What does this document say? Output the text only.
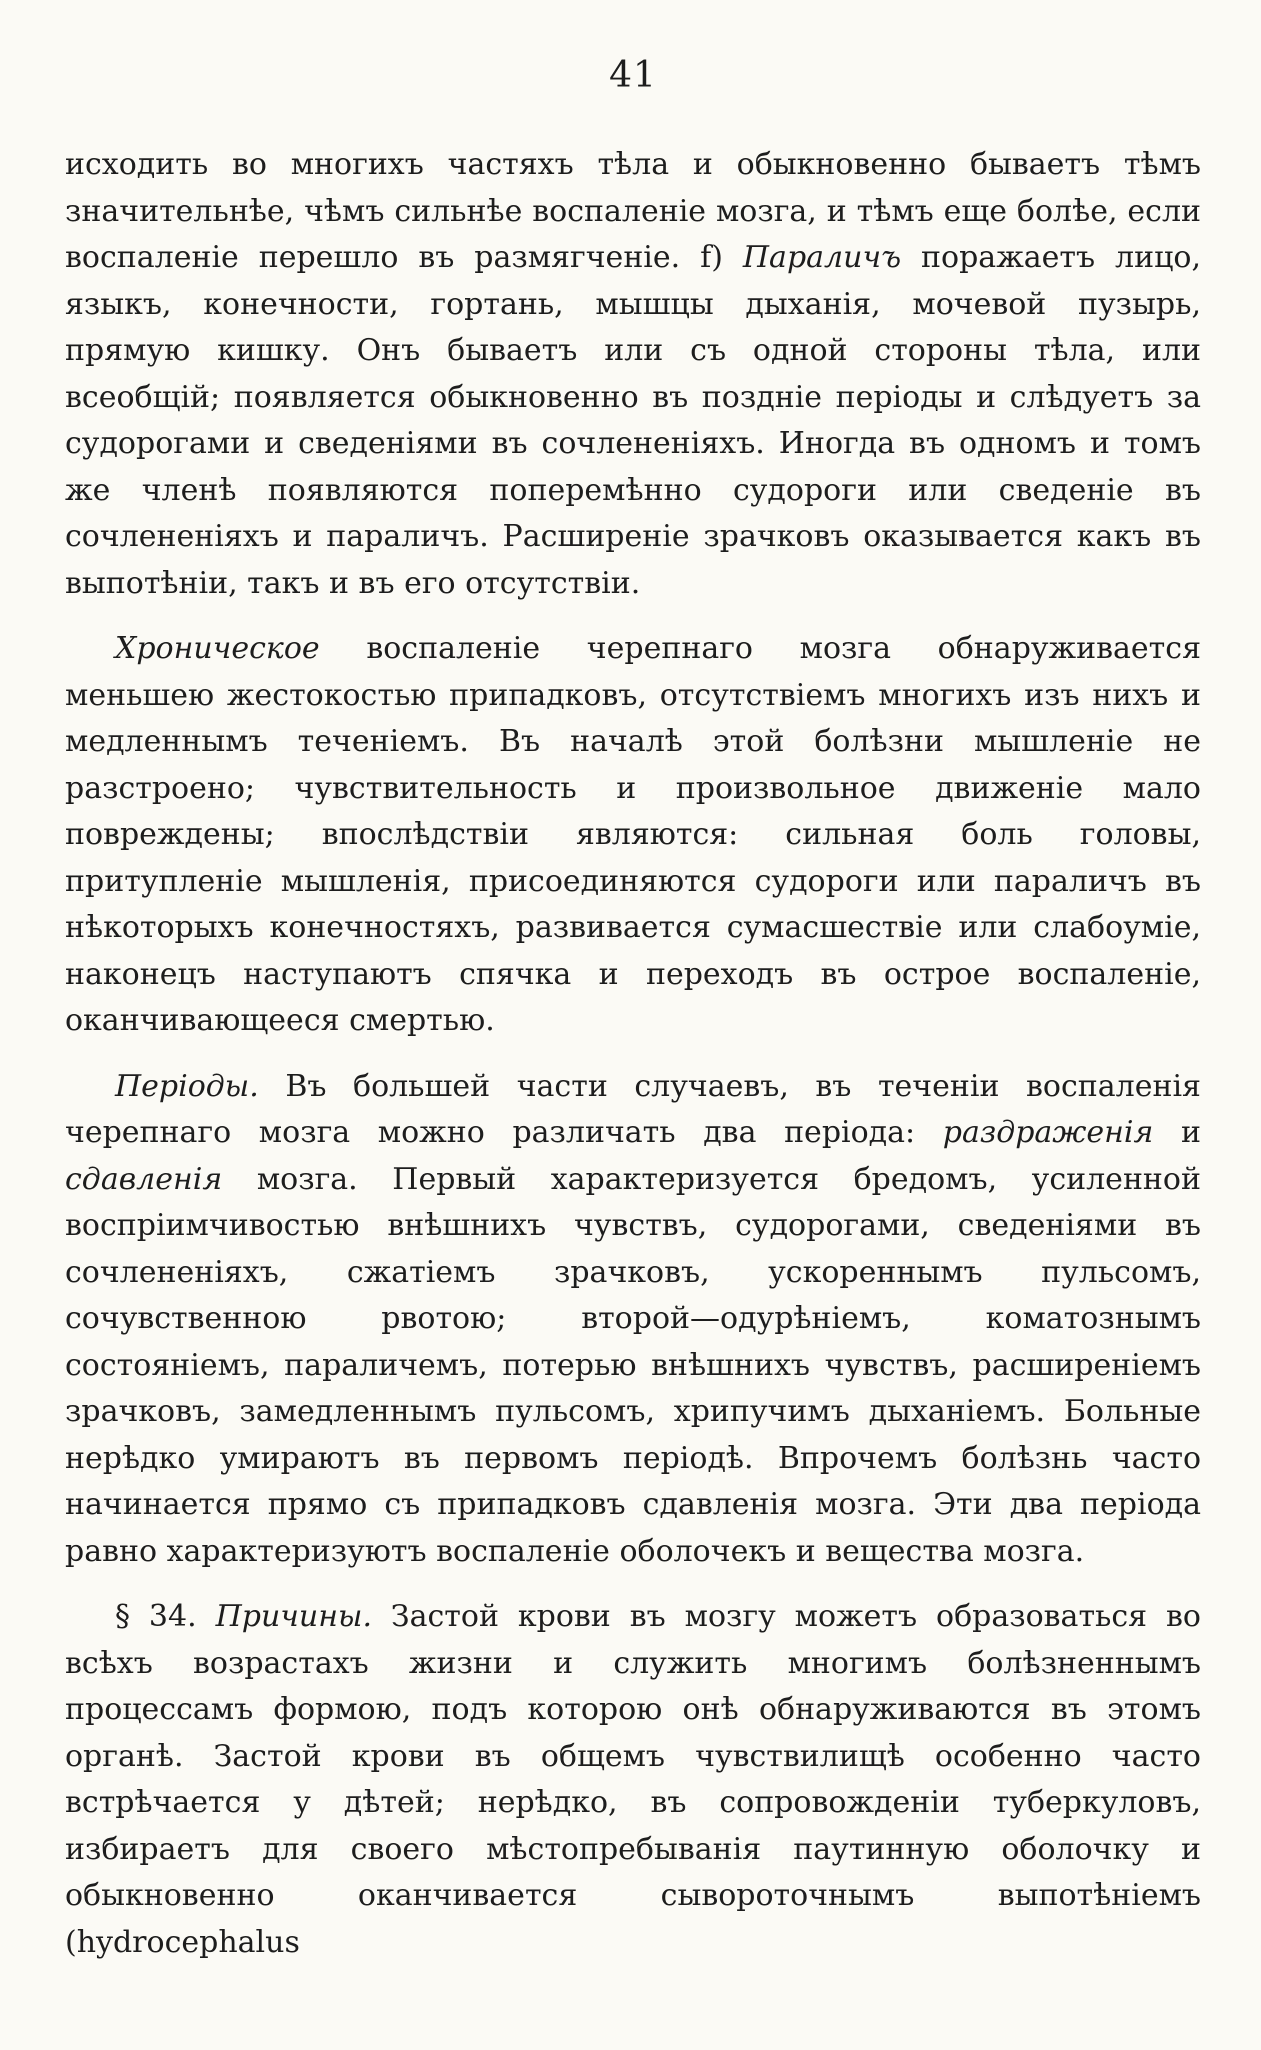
41

исходить во многихъ частяхъ тѣла и обыкновенно бываетъ тѣмъ значительнѣе, чѣмъ сильнѣе воспаленіе мозга, и тѣмъ еще болѣе, если воспаленіе перешло въ размягченіе. f) Параличъ поражаетъ лицо, языкъ, конечности, гортань, мышцы дыханія, мочевой пузырь, прямую кишку. Онъ бываетъ или съ одной стороны тѣла, или всеобщій; появляется обыкновенно въ поздніе періоды и слѣдуетъ за судорогами и сведеніями въ сочлененіяхъ. Иногда въ одномъ и томъ же членѣ появляются поперемѣнно судороги или сведеніе въ сочлененіяхъ и параличъ. Расширеніе зрачковъ оказывается какъ въ выпотѣніи, такъ и въ его отсутствіи.

Хроническое воспаленіе черепнаго мозга обнаруживается меньшею жестокостью припадковъ, отсутствіемъ многихъ изъ нихъ и медленнымъ теченіемъ. Въ началѣ этой болѣзни мышленіе не разстроено; чувствительность и произвольное движеніе мало повреждены; впослѣдствіи являются: сильная боль головы, притупленіе мышленія, присоединяются судороги или параличъ въ нѣкоторыхъ конечностяхъ, развивается сумасшествіе или слабоуміе, наконецъ наступаютъ спячка и переходъ въ острое воспаленіе, оканчивающееся смертью.

Періоды. Въ большей части случаевъ, въ теченіи воспаленія черепнаго мозга можно различать два періода: раздраженія и сдавленія мозга. Первый характеризуется бредомъ, усиленной воспріимчивостью внѣшнихъ чувствъ, судорогами, сведеніями въ сочлененіяхъ, сжатіемъ зрачковъ, ускореннымъ пульсомъ, сочувственною рвотою; второй—одурѣніемъ, коматознымъ состояніемъ, параличемъ, потерью внѣшнихъ чувствъ, расширеніемъ зрачковъ, замедленнымъ пульсомъ, хрипучимъ дыханіемъ. Больные нерѣдко умираютъ въ первомъ періодѣ. Впрочемъ болѣзнь часто начинается прямо съ припадковъ сдавленія мозга. Эти два періода равно характеризуютъ воспаленіе оболочекъ и вещества мозга.

§ 34. Причины. Застой крови въ мозгу можетъ образоваться во всѣхъ возрастахъ жизни и служить многимъ болѣзненнымъ процессамъ формою, подъ которою онѣ обнаруживаются въ этомъ органѣ. Застой крови въ общемъ чувствилищѣ особенно часто встрѣчается у дѣтей; нерѣдко, въ сопровожденіи туберкуловъ, избираетъ для своего мѣстопребыванія паутинную оболочку и обыкновенно оканчивается сывороточнымъ выпотѣніемъ (hydrocephalus
